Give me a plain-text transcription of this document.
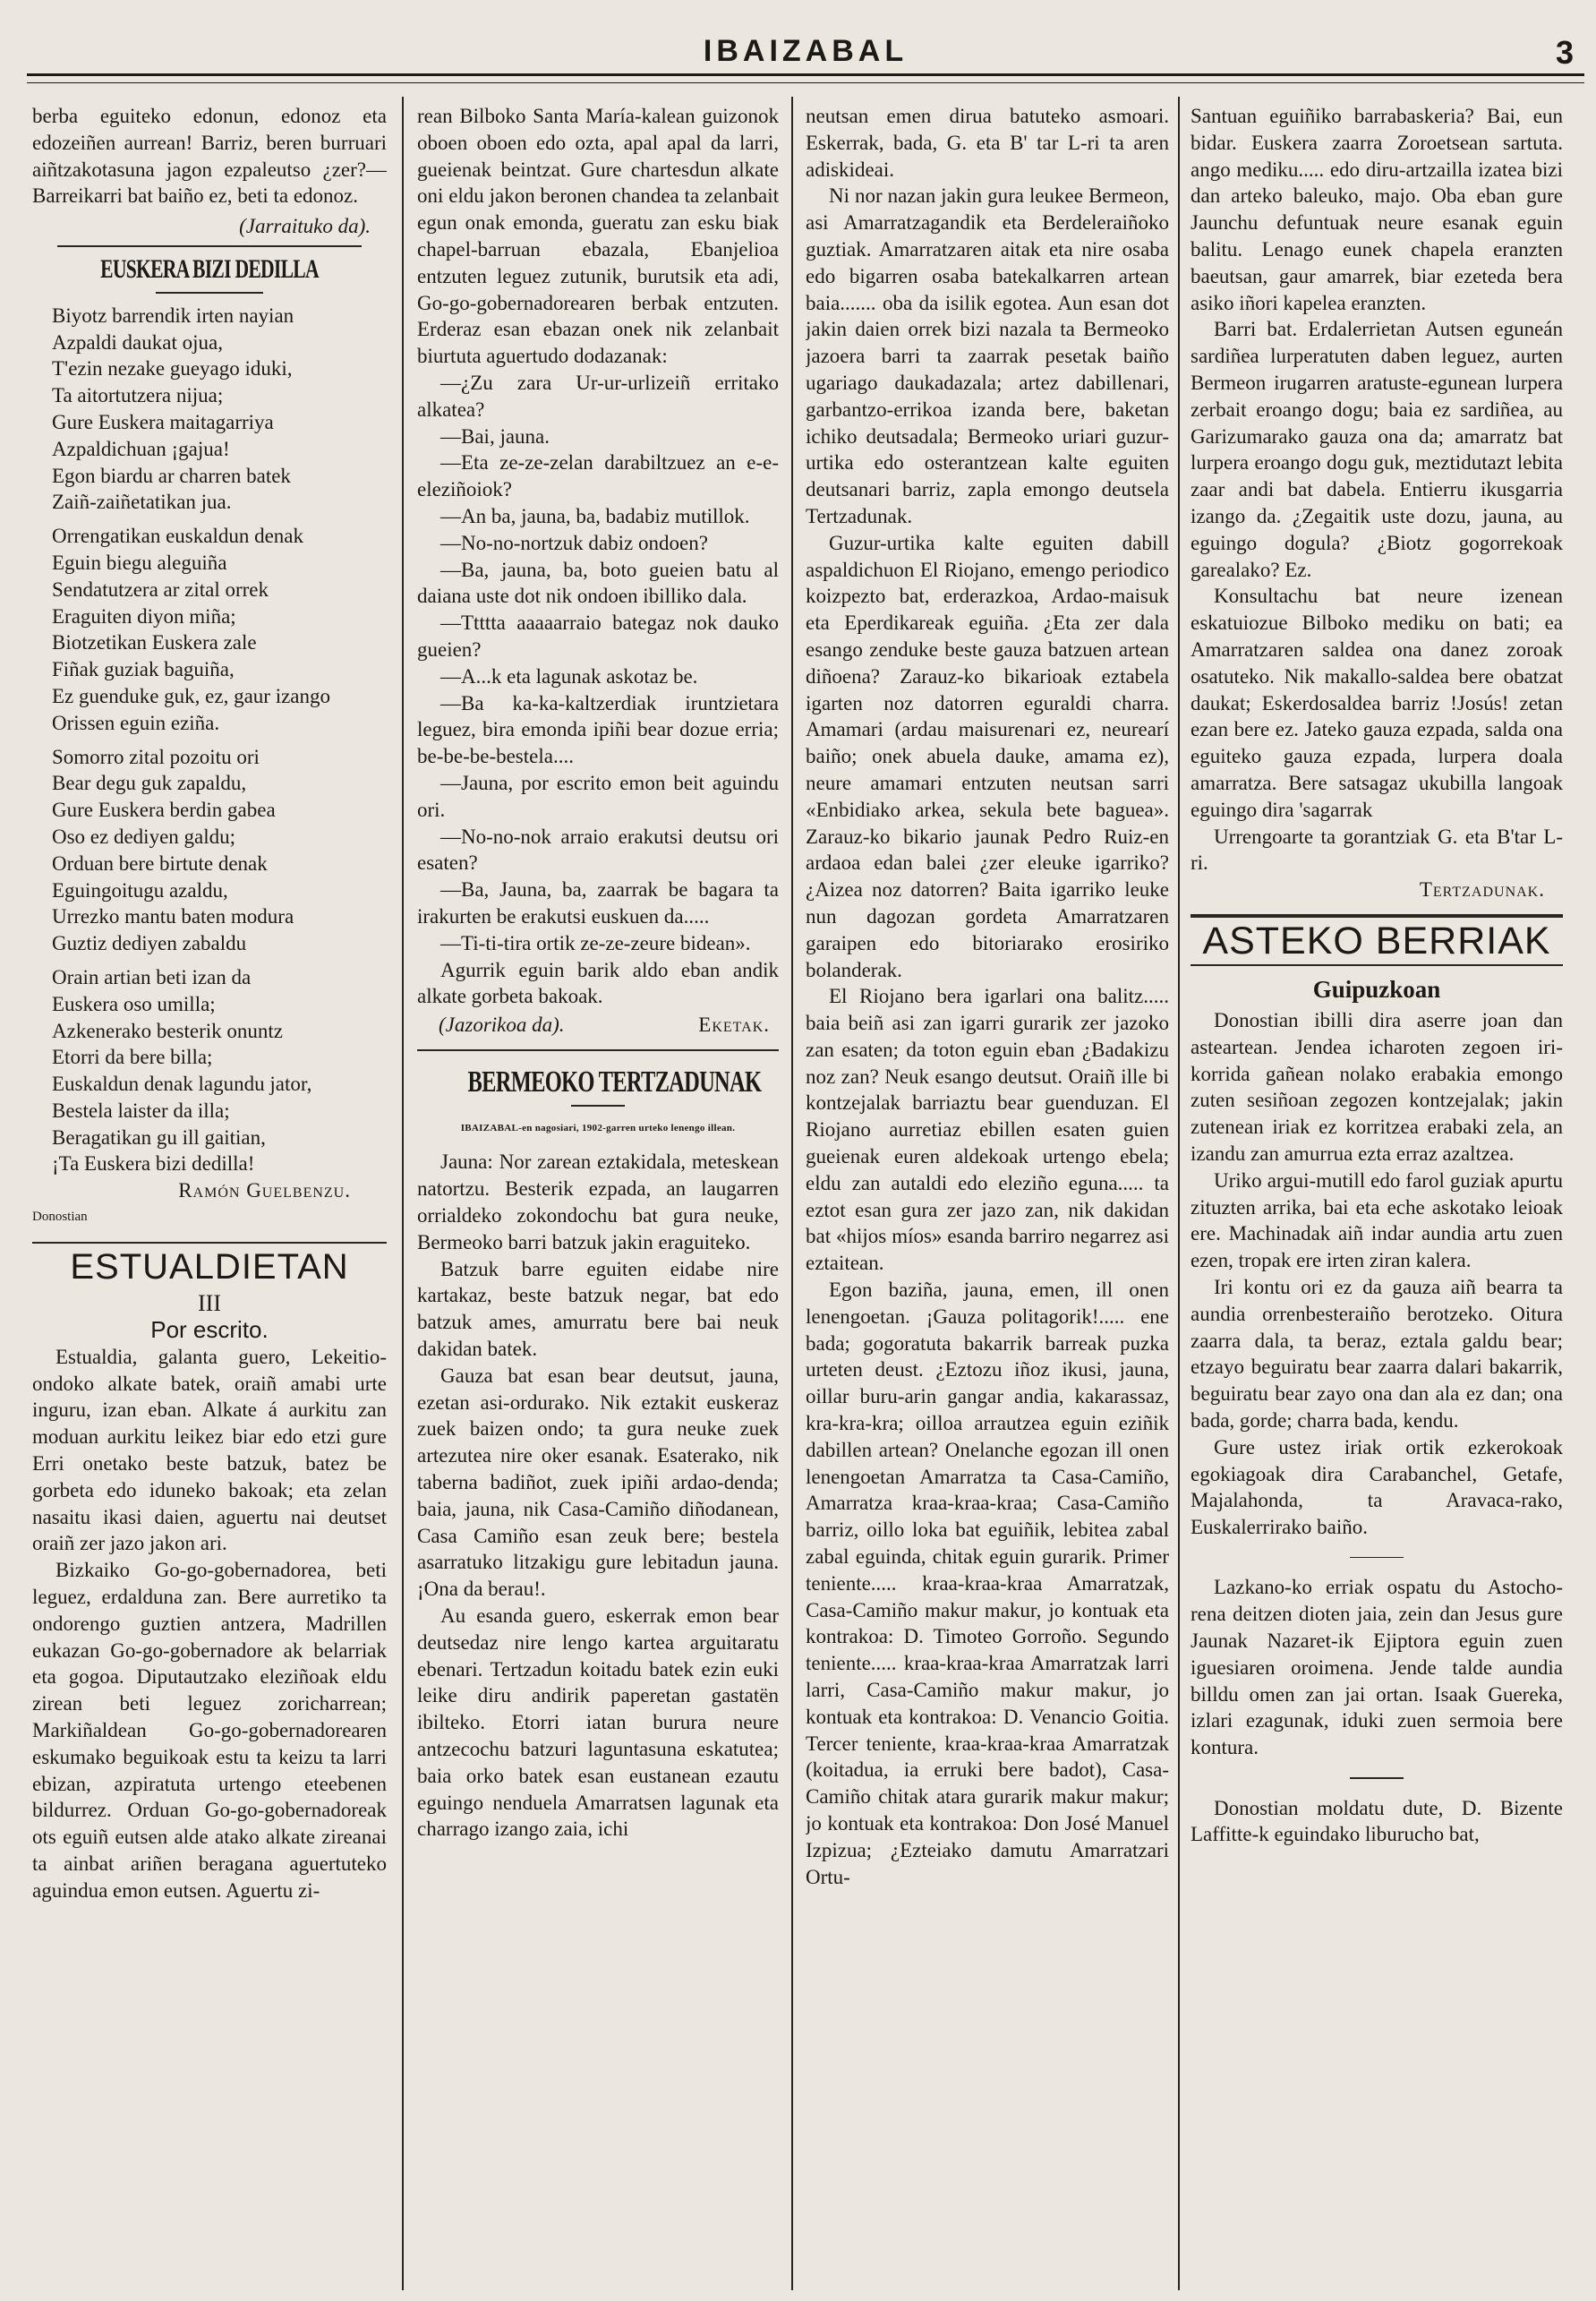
IBAIZABAL	3

berba eguiteko edonun, edonoz eta edozeiñen aurrean! Barriz, beren burruari aiñtzakotasuna jagon ezpaleutso ¿zer?—Barreikarri bat baiño ez, beti ta edonoz.

(Jarraituko da).

EUSKERA BIZI DEDILLA

Biyotz barrendik irten nayian

Azpaldi daukat ojua,

T'ezin nezake gueyago iduki,

Ta aitortutzera nijua;

Gure Euskera maitagarriya

Azpaldichuan ¡gajua!

Egon biardu ar charren batek

Zaiñ-zaiñetatikan jua.

Orrengatikan euskaldun denak

Eguin biegu aleguiña

Sendatutzera ar zital orrek

Eraguiten diyon miña;

Biotzetikan Euskera zale

Fiñak guziak baguiña,

Ez guenduke guk, ez, gaur izango

Orissen eguin eziña.

Somorro zital pozoitu ori

Bear degu guk zapaldu,

Gure Euskera berdin gabea

Oso ez dediyen galdu;

Orduan bere birtute denak

Eguingoitugu azaldu,

Urrezko mantu baten modura

Guztiz dediyen zabaldu

Orain artian beti izan da

Euskera oso umilla;

Azkenerako besterik onuntz

Etorri da bere billa;

Euskaldun denak lagundu jator,

Bestela laister da illa;

Beragatikan gu ill gaitian,

¡Ta Euskera bizi dedilla!

Ramón Guelbenzu.

Donostian

ESTUALDIETAN
III
Por escrito.

Estualdia, galanta guero, Lekeitio-ondoko alkate batek, oraiñ amabi urte inguru, izan eban. Alkate á aurkitu zan moduan aurkitu leikez biar edo etzi gure Erri onetako beste batzuk, batez be gorbeta edo iduneko bakoak; eta zelan nasaitu ikasi daien, aguertu nai deutset oraiñ zer jazo jakon ari.

Bizkaiko Go-go-gobernadorea, beti leguez, erdalduna zan. Bere aurretiko ta ondorengo guztien antzera, Madrillen eukazan Go-go-gobernadore ak belarriak eta gogoa. Diputautzako eleziñoak eldu zirean beti leguez zoricharrean; Markiñaldean Go-go-gobernadorearen eskumako beguikoak estu ta keizu ta larri ebizan, azpiratuta urtengo eteebenen bildurrez. Orduan Go-go-gobernadoreak ots eguiñ eutsen alde atako alkate zireanai ta ainbat ariñen beragana aguertuteko aguindua emon eutsen. Aguertu zi-

rean Bilboko Santa María-kalean guizonok oboen oboen edo ozta, apal apal da larri, gueienak beintzat. Gure chartesdun alkate oni eldu jakon beronen chandea ta zelanbait egun onak emonda, gueratu zan esku biak chapel-barruan ebazala, Ebanjelioa entzuten leguez zutunik, burutsik eta adi, Go-go-gobernadorearen berbak entzuten. Erderaz esan ebazan onek nik zelanbait biurtuta aguertudo dodazanak:

—¿Zu zara Ur-ur-urlizeiñ erritako alkatea?

—Bai, jauna.

—Eta ze-ze-zelan darabiltzuez an e-e-eleziñoiok?

—An ba, jauna, ba, badabiz mutillok.

—No-no-nortzuk dabiz ondoen?

—Ba, jauna, ba, boto gueien batu al daiana uste dot nik ondoen ibilliko dala.

—Ttttta aaaaarraio bategaz nok dauko gueien?

—A...k eta lagunak askotaz be.

—Ba ka-ka-kaltzerdiak iruntzietara leguez, bira emonda ipiñi bear dozue erria; be-be-be-bestela....

—Jauna, por escrito emon beit aguindu ori.

—No-no-nok arraio erakutsi deutsu ori esaten?

—Ba, Jauna, ba, zaarrak be bagara ta irakurten be erakutsi euskuen da.....

—Ti-ti-tira ortik ze-ze-zeure bidean».

Agurrik eguin barik aldo eban andik alkate gorbeta bakoak.

(Jazorikoa da).	Eketak.
BERMEOKO TERTZADUNAK
IBAIZABAL-en nagosiari, 1902-garren urteko lenengo illean.

Jauna: Nor zarean eztakidala, meteskean natortzu. Besterik ezpada, an laugarren orrialdeko zokondochu bat gura neuke, Bermeoko barri batzuk jakin eraguiteko.

Batzuk barre eguiten eidabe nire kartakaz, beste batzuk negar, bat edo batzuk ames, amurratu bere bai neuk dakidan batek.

Gauza bat esan bear deutsut, jauna, ezetan asi-ordurako. Nik eztakit euskeraz zuek baizen ondo; ta gura neuke zuek artezutea nire oker esanak. Esaterako, nik taberna badiñot, zuek ipiñi ardao-denda; baia, jauna, nik Casa-Camiño diñodanean, Casa Camiño esan zeuk bere; bestela asarratuko litzakigu gure lebitadun jauna. ¡Ona da berau!.

Au esanda guero, eskerrak emon bear deutsedaz nire lengo kartea arguitaratu ebenari. Tertzadun koitadu batek ezin euki leike diru andirik paperetan gastatën ibilteko. Etorri iatan burura neure antzecochu batzuri laguntasuna eskatutea; baia orko batek esan eustanean ezautu eguingo nenduela Amarratsen lagunak eta charrago izango zaia, ichi

neutsan emen dirua batuteko asmoari. Eskerrak, bada, G. eta B' tar L-ri ta aren adiskideai.

Ni nor nazan jakin gura leukee Bermeon, asi Amarratzagandik eta Berdeleraiñoko guztiak. Amarratzaren aitak eta nire osaba edo bigarren osaba batekalkarren artean baia....... oba da isilik egotea. Aun esan dot jakin daien orrek bizi nazala ta Bermeoko jazoera barri ta zaarrak pesetak baiño ugariago daukadazala; artez dabillenari, garbantzo-errikoa izanda bere, baketan ichiko deutsadala; Bermeoko uriari guzur-urtika edo osterantzean kalte eguiten deutsanari barriz, zapla emongo deutsela Tertzadunak.

Guzur-urtika kalte eguiten dabill aspaldichuon El Riojano, emengo periodico koizpezto bat, erderazkoa, Ardao-maisuk eta Eperdikareak eguiña. ¿Eta zer dala esango zenduke beste gauza batzuen artean diñoena? Zarauz-ko bikarioak eztabela igarten noz datorren eguraldi charra. Amamari (ardau maisurenari ez, neurearí baiño; onek abuela dauke, amama ez), neure amamari entzuten neutsan sarri «Enbidiako arkea, sekula bete baguea». Zarauz-ko bikario jaunak Pedro Ruiz-en ardaoa edan balei ¿zer eleuke igarriko? ¿Aizea noz datorren? Baita igarriko leuke nun dagozan gordeta Amarratzaren garaipen edo bitoriarako erosiriko bolanderak.

El Riojano bera igarlari ona balitz..... baia beiñ asi zan igarri gurarik zer jazoko zan esaten; da toton eguin eban ¿Badakizu noz zan? Neuk esango deutsut. Oraiñ ille bi kontzejalak barriaztu bear guenduzan. El Riojano aurretiaz ebillen esaten guien gueienak euren aldekoak urtengo ebela; eldu zan autaldi edo eleziño eguna..... ta eztot esan gura zer jazo zan, nik dakidan bat «hijos míos» esanda barriro negarrez asi eztaitean.

Egon baziña, jauna, emen, ill onen lenengoetan. ¡Gauza politagorik!..... ene bada; gogoratuta bakarrik barreak puzka urteten deust. ¿Eztozu iñoz ikusi, jauna, oillar buru-arin gangar andia, kakarassaz, kra-kra-kra; oilloa arrautzea eguin eziñik dabillen artean? Onelanche egozan ill onen lenengoetan Amarratza ta Casa-Camiño, Amarratza kraa-kraa-kraa; Casa-Camiño barriz, oillo loka bat eguiñik, lebitea zabal zabal eguinda, chitak eguin gurarik. Primer teniente..... kraa-kraa-kraa Amarratzak, Casa-Camiño makur makur, jo kontuak eta kontrakoa: D. Timoteo Gorroño. Segundo teniente..... kraa-kraa-kraa Amarratzak larri larri, Casa-Camiño makur makur, jo kontuak eta kontrakoa: D. Venancio Goitia. Tercer teniente, kraa-kraa-kraa Amarratzak (koitadua, ia erruki bere badot), Casa-Camiño chitak atara gurarik makur makur; jo kontuak eta kontrakoa: Don José Manuel Izpizua; ¿Ezteiako damutu Amarratzari Ortu-

Santuan eguiñiko barrabaskeria? Bai, eun bidar. Euskera zaarra Zoroetsean sartuta. ango mediku..... edo diru-artzailla izatea bizi dan arteko baleuko, majo. Oba eban gure Jaunchu defuntuak neure esanak eguin balitu. Lenago eunek chapela eranzten baeutsan, gaur amarrek, biar ezeteda bera asiko iñori kapelea eranzten.

Barri bat. Erdalerrietan Autsen eguneán sardiñea lurperatuten daben leguez, aurten Bermeon irugarren aratuste-egunean lurpera zerbait eroango dogu; baia ez sardiñea, au Garizumarako gauza ona da; amarratz bat lurpera eroango dogu guk, meztidutazt lebita zaar andi bat dabela. Entierru ikusgarria izango da. ¿Zegaitik uste dozu, jauna, au eguingo dogula? ¿Biotz gogorrekoak garealako? Ez.

Konsultachu bat neure izenean eskatuiozue Bilboko mediku on bati; ea Amarratzaren saldea ona danez zoroak osatuteko. Nik makallo-saldea bere obatzat daukat; Eskerdosaldea barriz !Josús! zetan ezan bere ez. Jateko gauza ezpada, salda ona eguiteko gauza ezpada, lurpera doala amarratza. Bere satsagaz ukubilla langoak eguingo dira 'sagarrak

Urrengoarte ta gorantziak G. eta B'tar L-ri.

Tertzadunak.

ASTEKO BERRIAK
Guipuzkoan

Donostian ibilli dira aserre joan dan asteartean. Jendea icharoten zegoen iri-korrida gañean nolako erabakia emongo zuten sesiñoan zegozen kontzejalak; jakin zutenean iriak ez korritzea erabaki zela, an izandu zan amurrua ezta erraz azaltzea.

Uriko argui-mutill edo farol guziak apurtu zituzten arrika, bai eta eche askotako leioak ere. Machinadak aiñ indar aundia artu zuen ezen, tropak ere irten ziran kalera.

Iri kontu ori ez da gauza aiñ bearra ta aundia orrenbesteraiño berotzeko. Oitura zaarra dala, ta beraz, eztala galdu bear; etzayo beguiratu bear zaarra dalari bakarrik, beguiratu bear zayo ona dan ala ez dan; ona bada, gorde; charra bada, kendu.

Gure ustez iriak ortik ezkerokoak egokiagoak dira Carabanchel, Getafe, Majalahonda, ta Aravaca-rako, Euskalerrirako baiño.

Lazkano-ko erriak ospatu du Astocho-rena deitzen dioten jaia, zein dan Jesus gure Jaunak Nazaret-ik Ejiptora eguin zuen iguesiaren oroimena. Jende talde aundia billdu omen zan jai ortan. Isaak Guereka, izlari ezagunak, iduki zuen sermoia bere kontura.

Donostian moldatu dute, D. Bizente Laffitte-k eguindako liburucho bat,
